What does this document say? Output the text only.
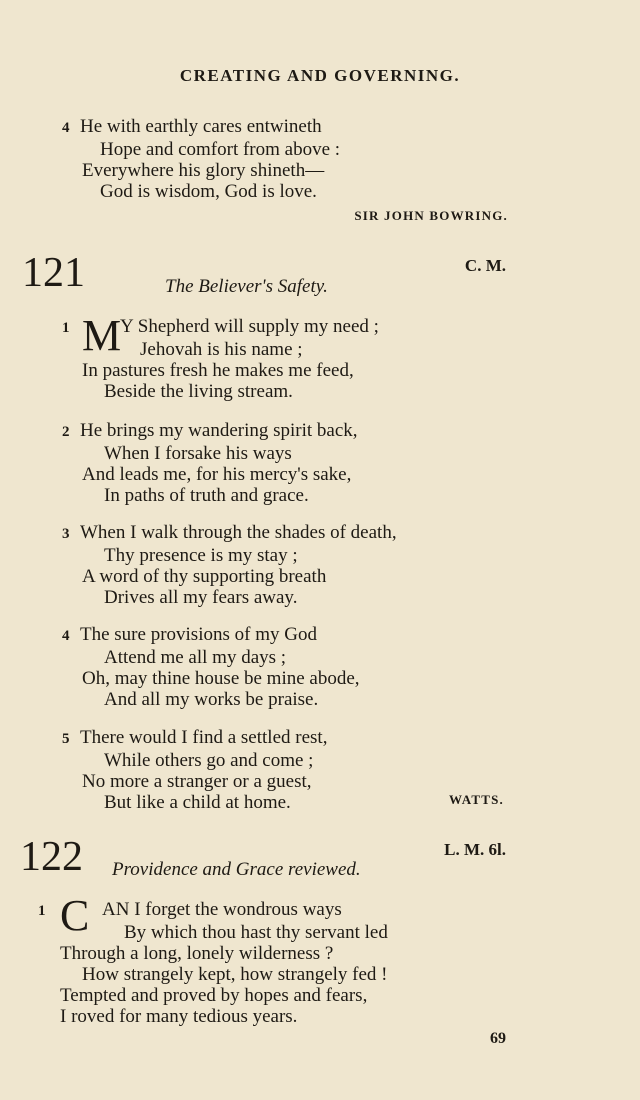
CREATING AND GOVERNING.
4 He with earthly cares entwineth
Hope and comfort from above :
Everywhere his glory shineth—
God is wisdom, God is love.
SIR JOHN BOWRING.
121	C. M.
The Believer's Safety.
1	Y Shepherd will supply my need ;
Jehovah is his name ;
In pastures fresh he makes me feed,
Beside the living stream.
M
2 He brings my wandering spirit back,
When I forsake his ways
And leads me, for his mercy's sake,
In paths of truth and grace.
3 When I walk through the shades of death,
Thy presence is my stay ;
A word of thy supporting breath
Drives all my fears away.
4 The sure provisions of my God
Attend me all my days ;
Oh, may thine house be mine abode,
And all my works be praise.
5 There would I find a settled rest,
While others go and come ;
No more a stranger or a guest,
But like a child at home.	WATTS.
122	L. M. 6l.
Providence and Grace reviewed.
1	AN I forget the wondrous ways
By which thou hast thy servant led
Through a long, lonely wilderness ?
How strangely kept, how strangely fed !
Tempted and proved by hopes and fears,
I roved for many tedious years.
C
69
